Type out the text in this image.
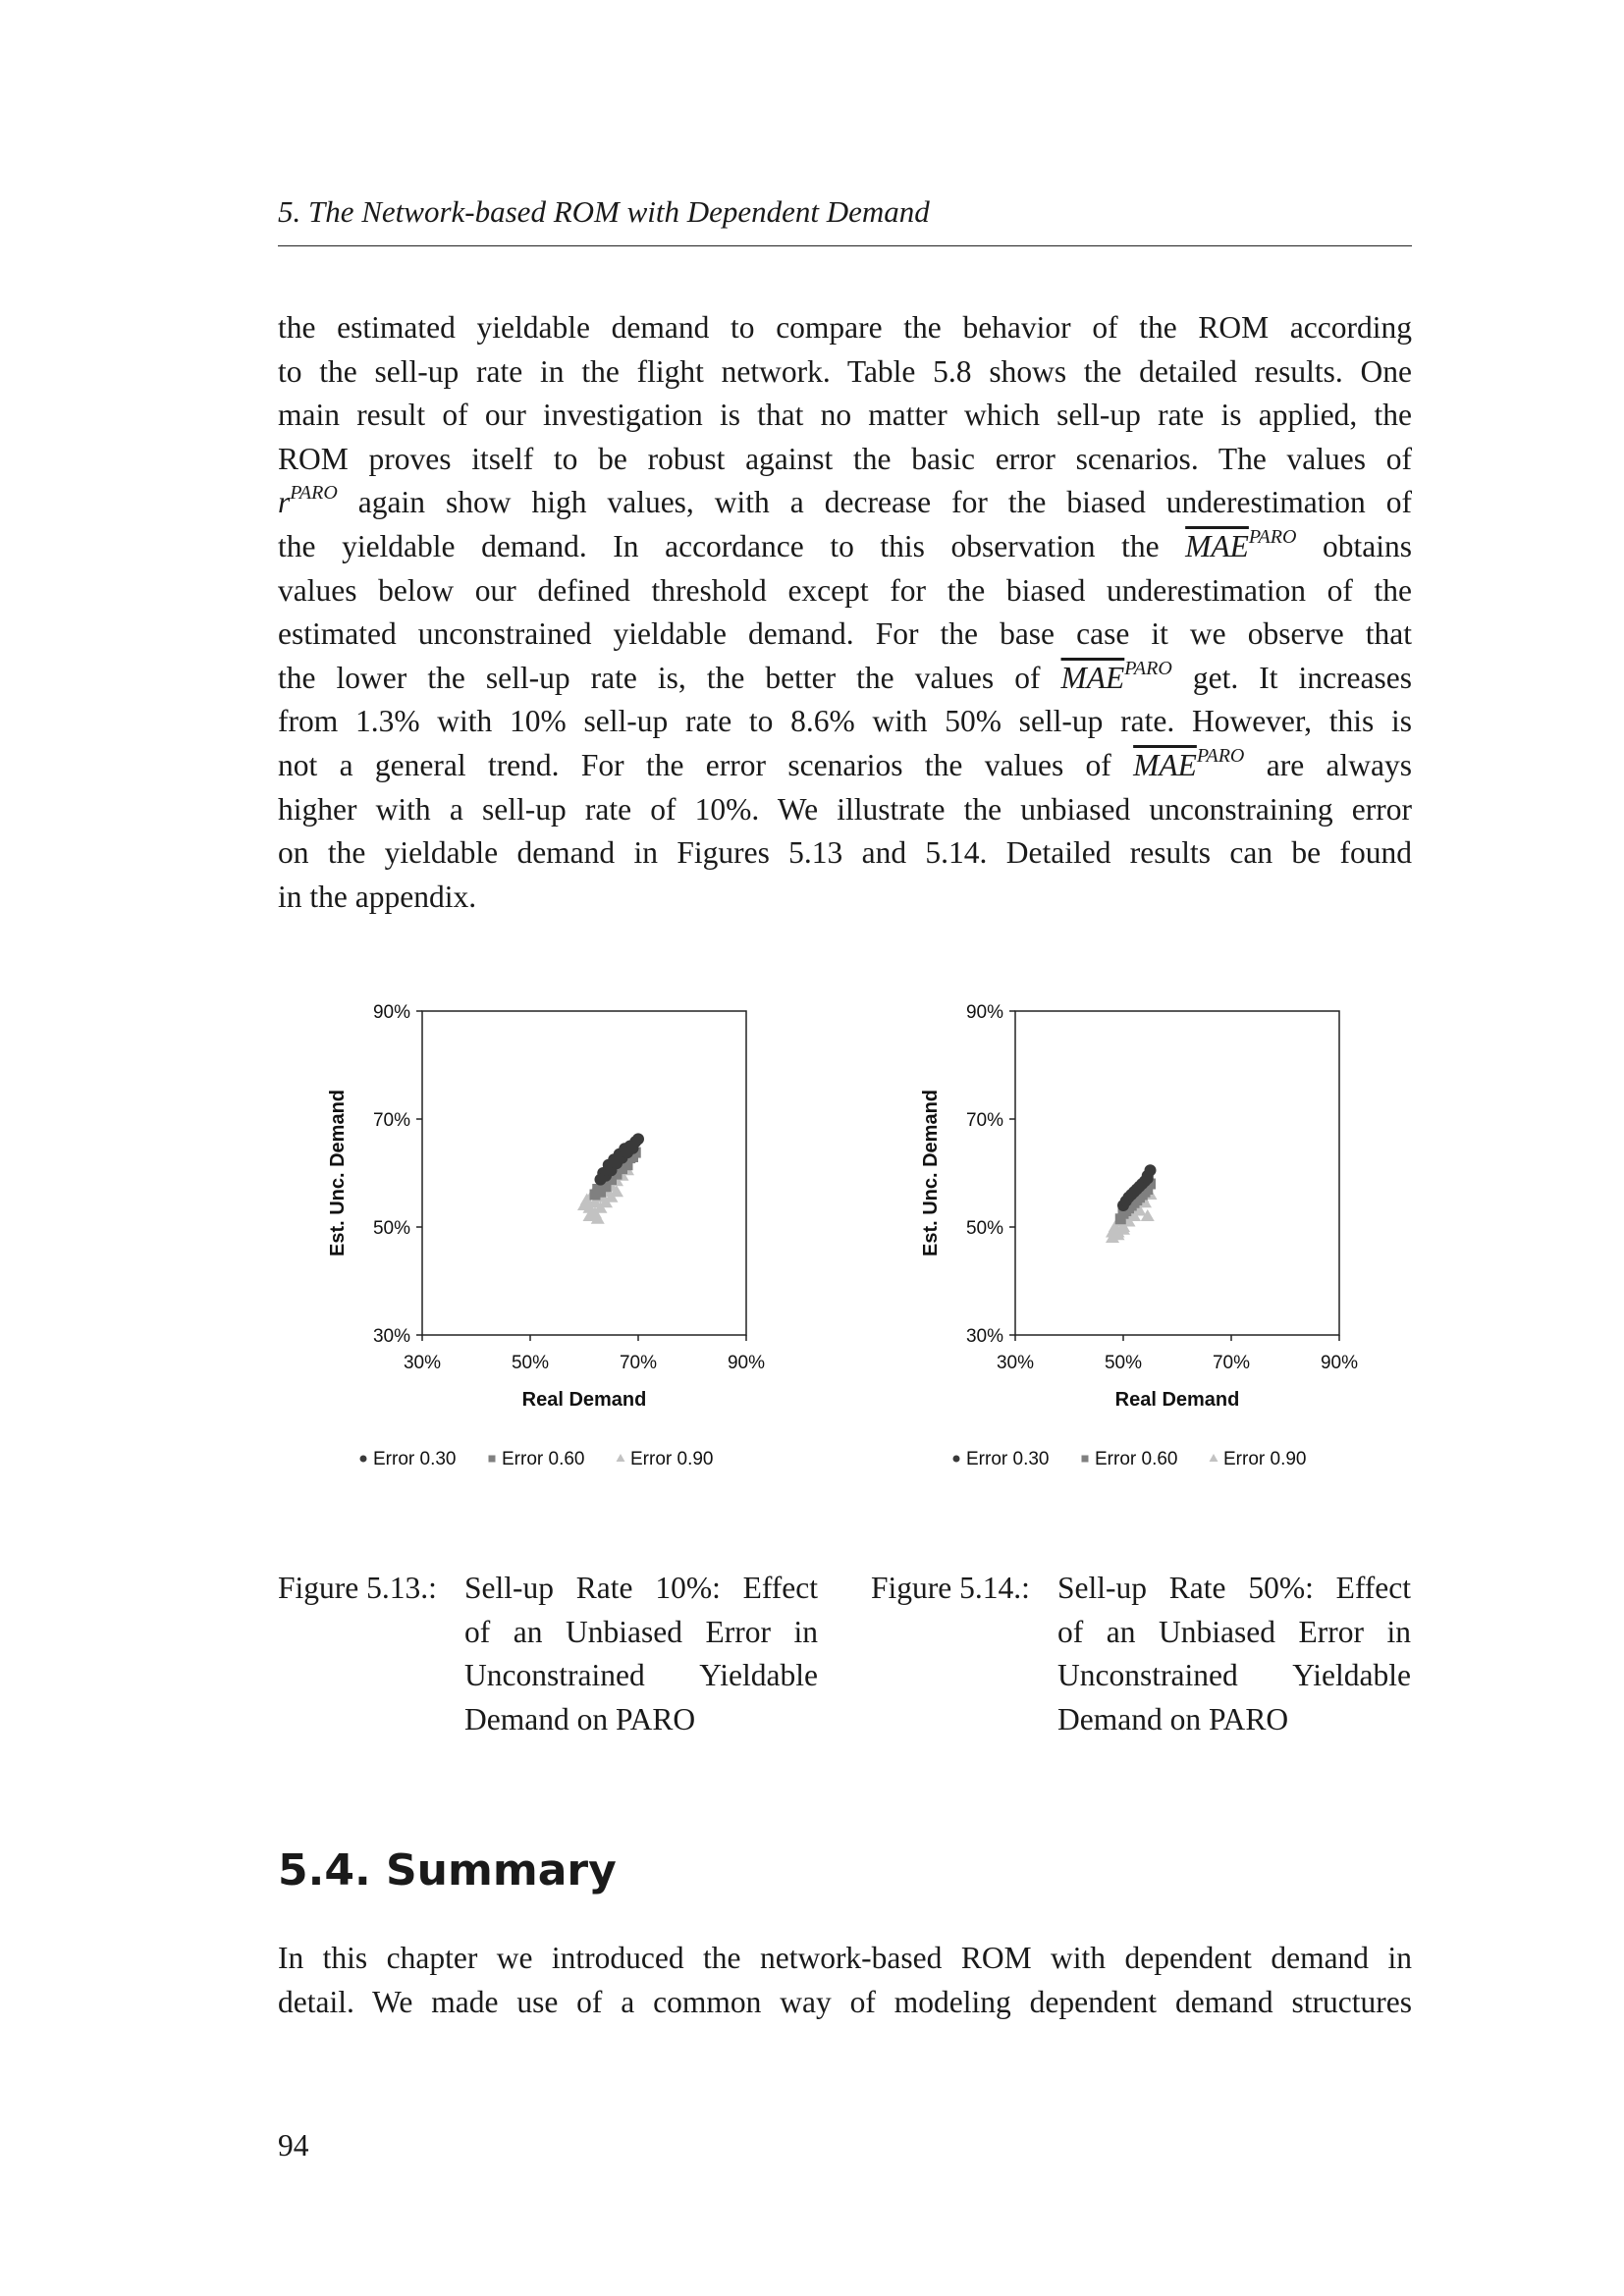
5. The Network-based ROM with Dependent Demand
the estimated yieldable demand to compare the behavior of the ROM according
to the sell-up rate in the flight network. Table 5.8 shows the detailed results. One
main result of our investigation is that no matter which sell-up rate is applied, the
ROM proves itself to be robust against the basic error scenarios. The values of
$r^{PARO}$ again show high values, with a decrease for the biased underestimation of
the yieldable demand. In accordance to this observation the $\overline{MAE}^{PARO}$ obtains
values below our defined threshold except for the biased underestimation of the
estimated unconstrained yieldable demand. For the base case it we observe that
the lower the sell-up rate is, the better the values of $\overline{MAE}^{PARO}$ get. It increases
from 1.3% with 10% sell-up rate to 8.6% with 50% sell-up rate. However, this is
not a general trend. For the error scenarios the values of $\overline{MAE}^{PARO}$ are always
higher with a sell-up rate of 10%. We illustrate the unbiased unconstraining error
on the yieldable demand in Figures 5.13 and 5.14. Detailed results can be found
in the appendix.
30%	50%	70%	90%
30%
50%
70%
90%
Real Demand
Est. Unc. Demand
Error 0.30 Error 0.60 Error 0.90
30%	50%	70%	90%
30%
50%
70%
90%
Real Demand
Est. Unc. Demand
Error 0.30 Error 0.60 Error 0.90
Figure 5.13.: Sell-up Rate 10%: Effect
of an Unbiased Error in
Unconstrained Yieldable
Demand on PARO
Figure 5.14.: Sell-up Rate 50%: Effect
of an Unbiased Error in
Unconstrained Yieldable
Demand on PARO
5.4. Summary
In this chapter we introduced the network-based ROM with dependent demand in
detail. We made use of a common way of modeling dependent demand structures
94
